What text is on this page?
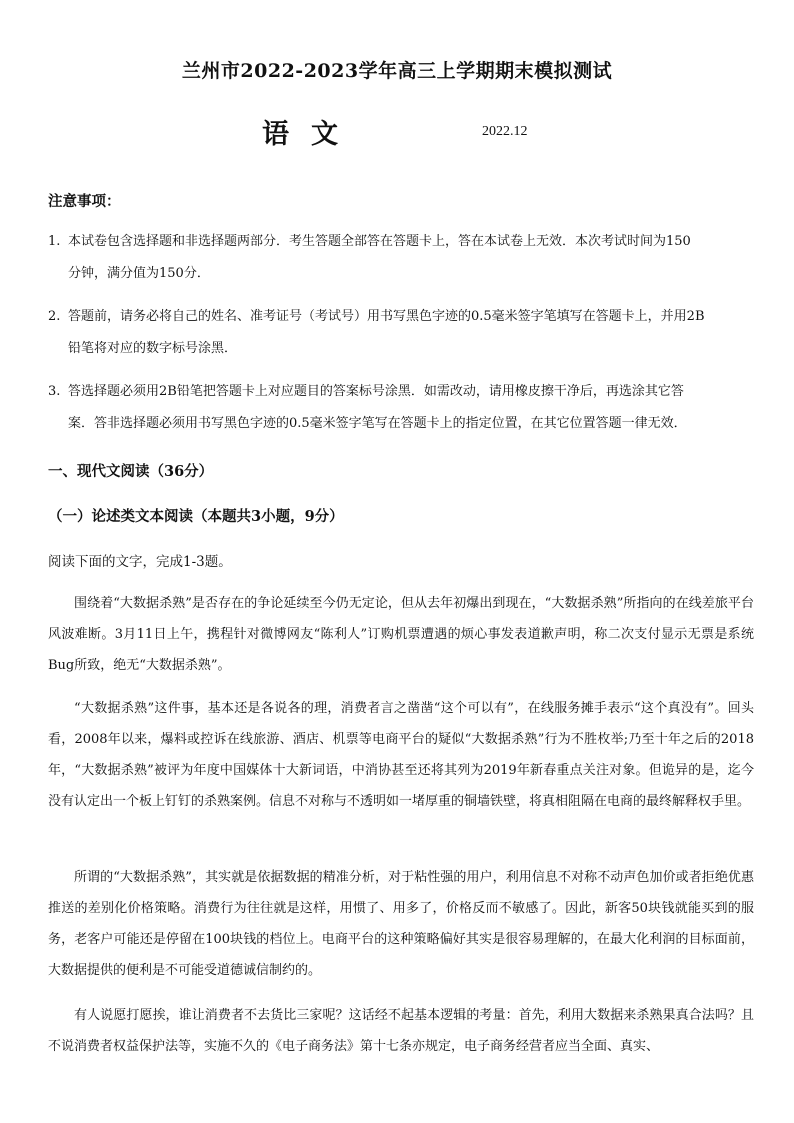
兰州市2022-2023学年高三上学期期末模拟测试
语文	2022.12
注意事项：
1. 本试卷包含选择题和非选择题两部分．考生答题全部答在答题卡上，答在本试卷上无效．本次考试时间为150
分钟，满分值为150分．
2. 答题前，请务必将自己的姓名、准考证号（考试号）用书写黑色字迹的0.5毫米签字笔填写在答题卡上，并用2B
铅笔将对应的数字标号涂黑．
3. 答选择题必须用2B铅笔把答题卡上对应题目的答案标号涂黑．如需改动，请用橡皮擦干净后，再选涂其它答
案．答非选择题必须用书写黑色字迹的0.5毫米签字笔写在答题卡上的指定位置，在其它位置答题一律无效．
一、现代文阅读（36分）
（一）论述类文本阅读（本题共3小题，9分）
阅读下面的文字，完成1-3题。
围绕着“大数据杀熟”是否存在的争论延续至今仍无定论，但从去年初爆出到现在，“大数据杀熟”所指向的在线差旅平台风波难断。3月11日上午，携程针对微博网友“陈利人”订购机票遭遇的烦心事发表道歉声明，称二次支付显示无票是系统Bug所致，绝无“大数据杀熟”。
“大数据杀熟”这件事，基本还是各说各的理，消费者言之凿凿“这个可以有”，在线服务摊手表示“这个真没有”。回头看，2008年以来，爆料或控诉在线旅游、酒店、机票等电商平台的疑似“大数据杀熟”行为不胜枚举;乃至十年之后的2018年，“大数据杀熟”被评为年度中国媒体十大新词语，中消协甚至还将其列为2019年新春重点关注对象。但诡异的是，迄今没有认定出一个板上钉钉的杀熟案例。信息不对称与不透明如一堵厚重的铜墙铁壁，将真相阻隔在电商的最终解释权手里。
所谓的“大数据杀熟”，其实就是依据数据的精准分析，对于粘性强的用户，利用信息不对称不动声色加价或者拒绝优惠推送的差别化价格策略。消费行为往往就是这样，用惯了、用多了，价格反而不敏感了。因此，新客50块钱就能买到的服务，老客户可能还是停留在100块钱的档位上。电商平台的这种策略偏好其实是很容易理解的，在最大化利润的目标面前，大数据提供的便利是不可能受道德诚信制约的。
有人说愿打愿挨，谁让消费者不去货比三家呢？这话经不起基本逻辑的考量：首先，利用大数据来杀熟果真合法吗？且不说消费者权益保护法等，实施不久的《电子商务法》第十七条亦规定，电子商务经营者应当全面、真实、
